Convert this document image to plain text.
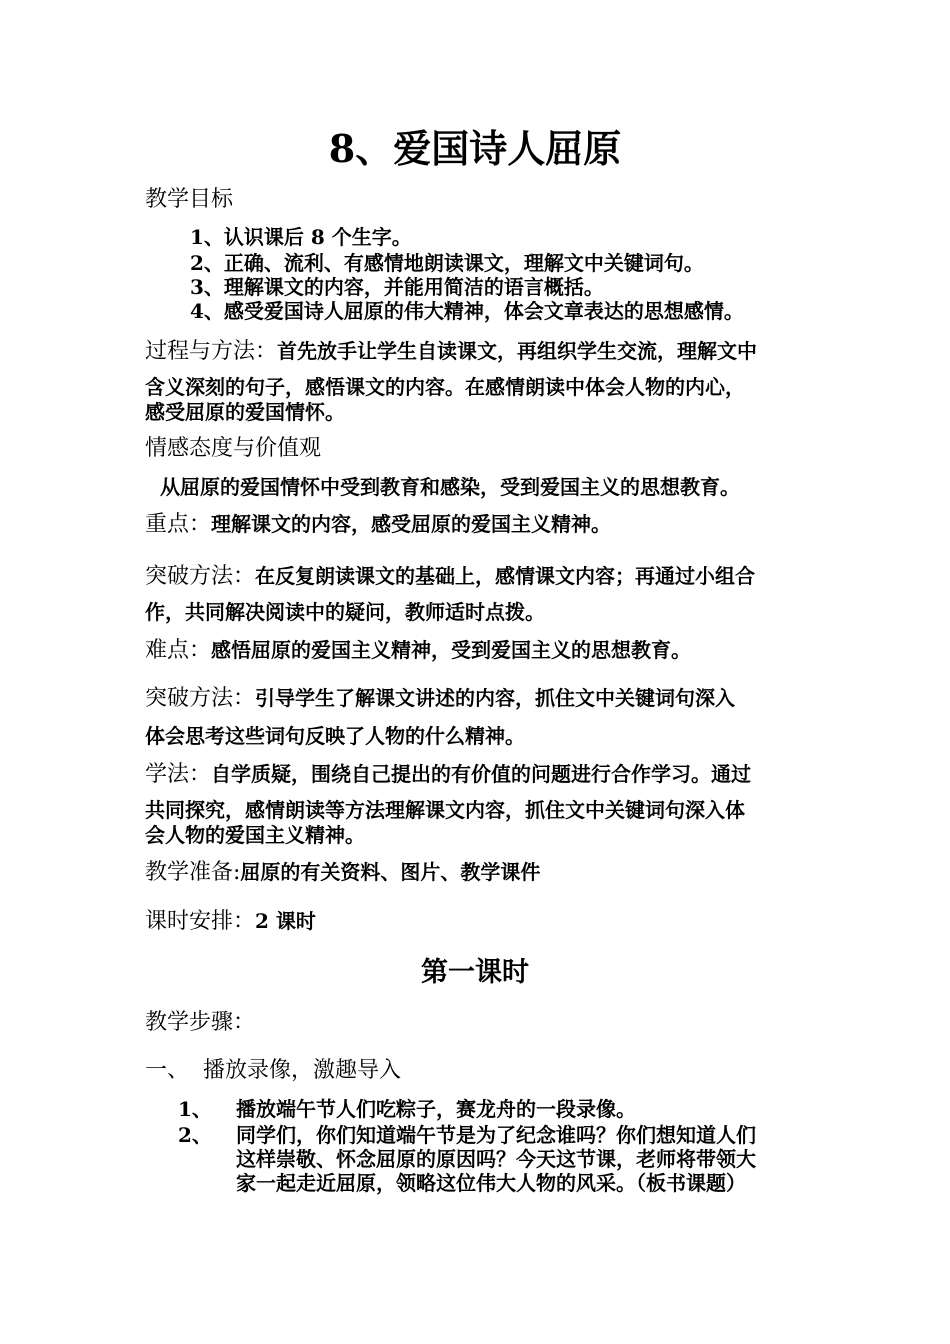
8、爱国诗人屈原
教学目标
1、认识课后 8 个生字。
2、正确、流利、有感情地朗读课文，理解文中关键词句。
3、理解课文的内容，并能用简洁的语言概括。
4、感受爱国诗人屈原的伟大精神，体会文章表达的思想感情。
过程与方法：首先放手让学生自读课文，再组织学生交流，理解文中
含义深刻的句子，感悟课文的内容。在感情朗读中体会人物的内心，
感受屈原的爱国情怀。
情感态度与价值观
从屈原的爱国情怀中受到教育和感染，受到爱国主义的思想教育。
重点：理解课文的内容，感受屈原的爱国主义精神。
突破方法：在反复朗读课文的基础上，感情课文内容；再通过小组合
作，共同解决阅读中的疑问，教师适时点拨。
难点：感悟屈原的爱国主义精神，受到爱国主义的思想教育。
突破方法：引导学生了解课文讲述的内容，抓住文中关键词句深入
体会思考这些词句反映了人物的什么精神。
学法：自学质疑，围绕自己提出的有价值的问题进行合作学习。通过
共同探究，感情朗读等方法理解课文内容，抓住文中关键词句深入体
会人物的爱国主义精神。
教学准备:屈原的有关资料、图片、教学课件
课时安排：2 课时
第一课时
教学步骤：
一、  播放录像，激趣导入
1、	播放端午节人们吃粽子，赛龙舟的一段录像。
2、	同学们，你们知道端午节是为了纪念谁吗？你们想知道人们
这样崇敬、怀念屈原的原因吗？今天这节课，老师将带领大
家一起走近屈原，领略这位伟大人物的风采。（板书课题）
